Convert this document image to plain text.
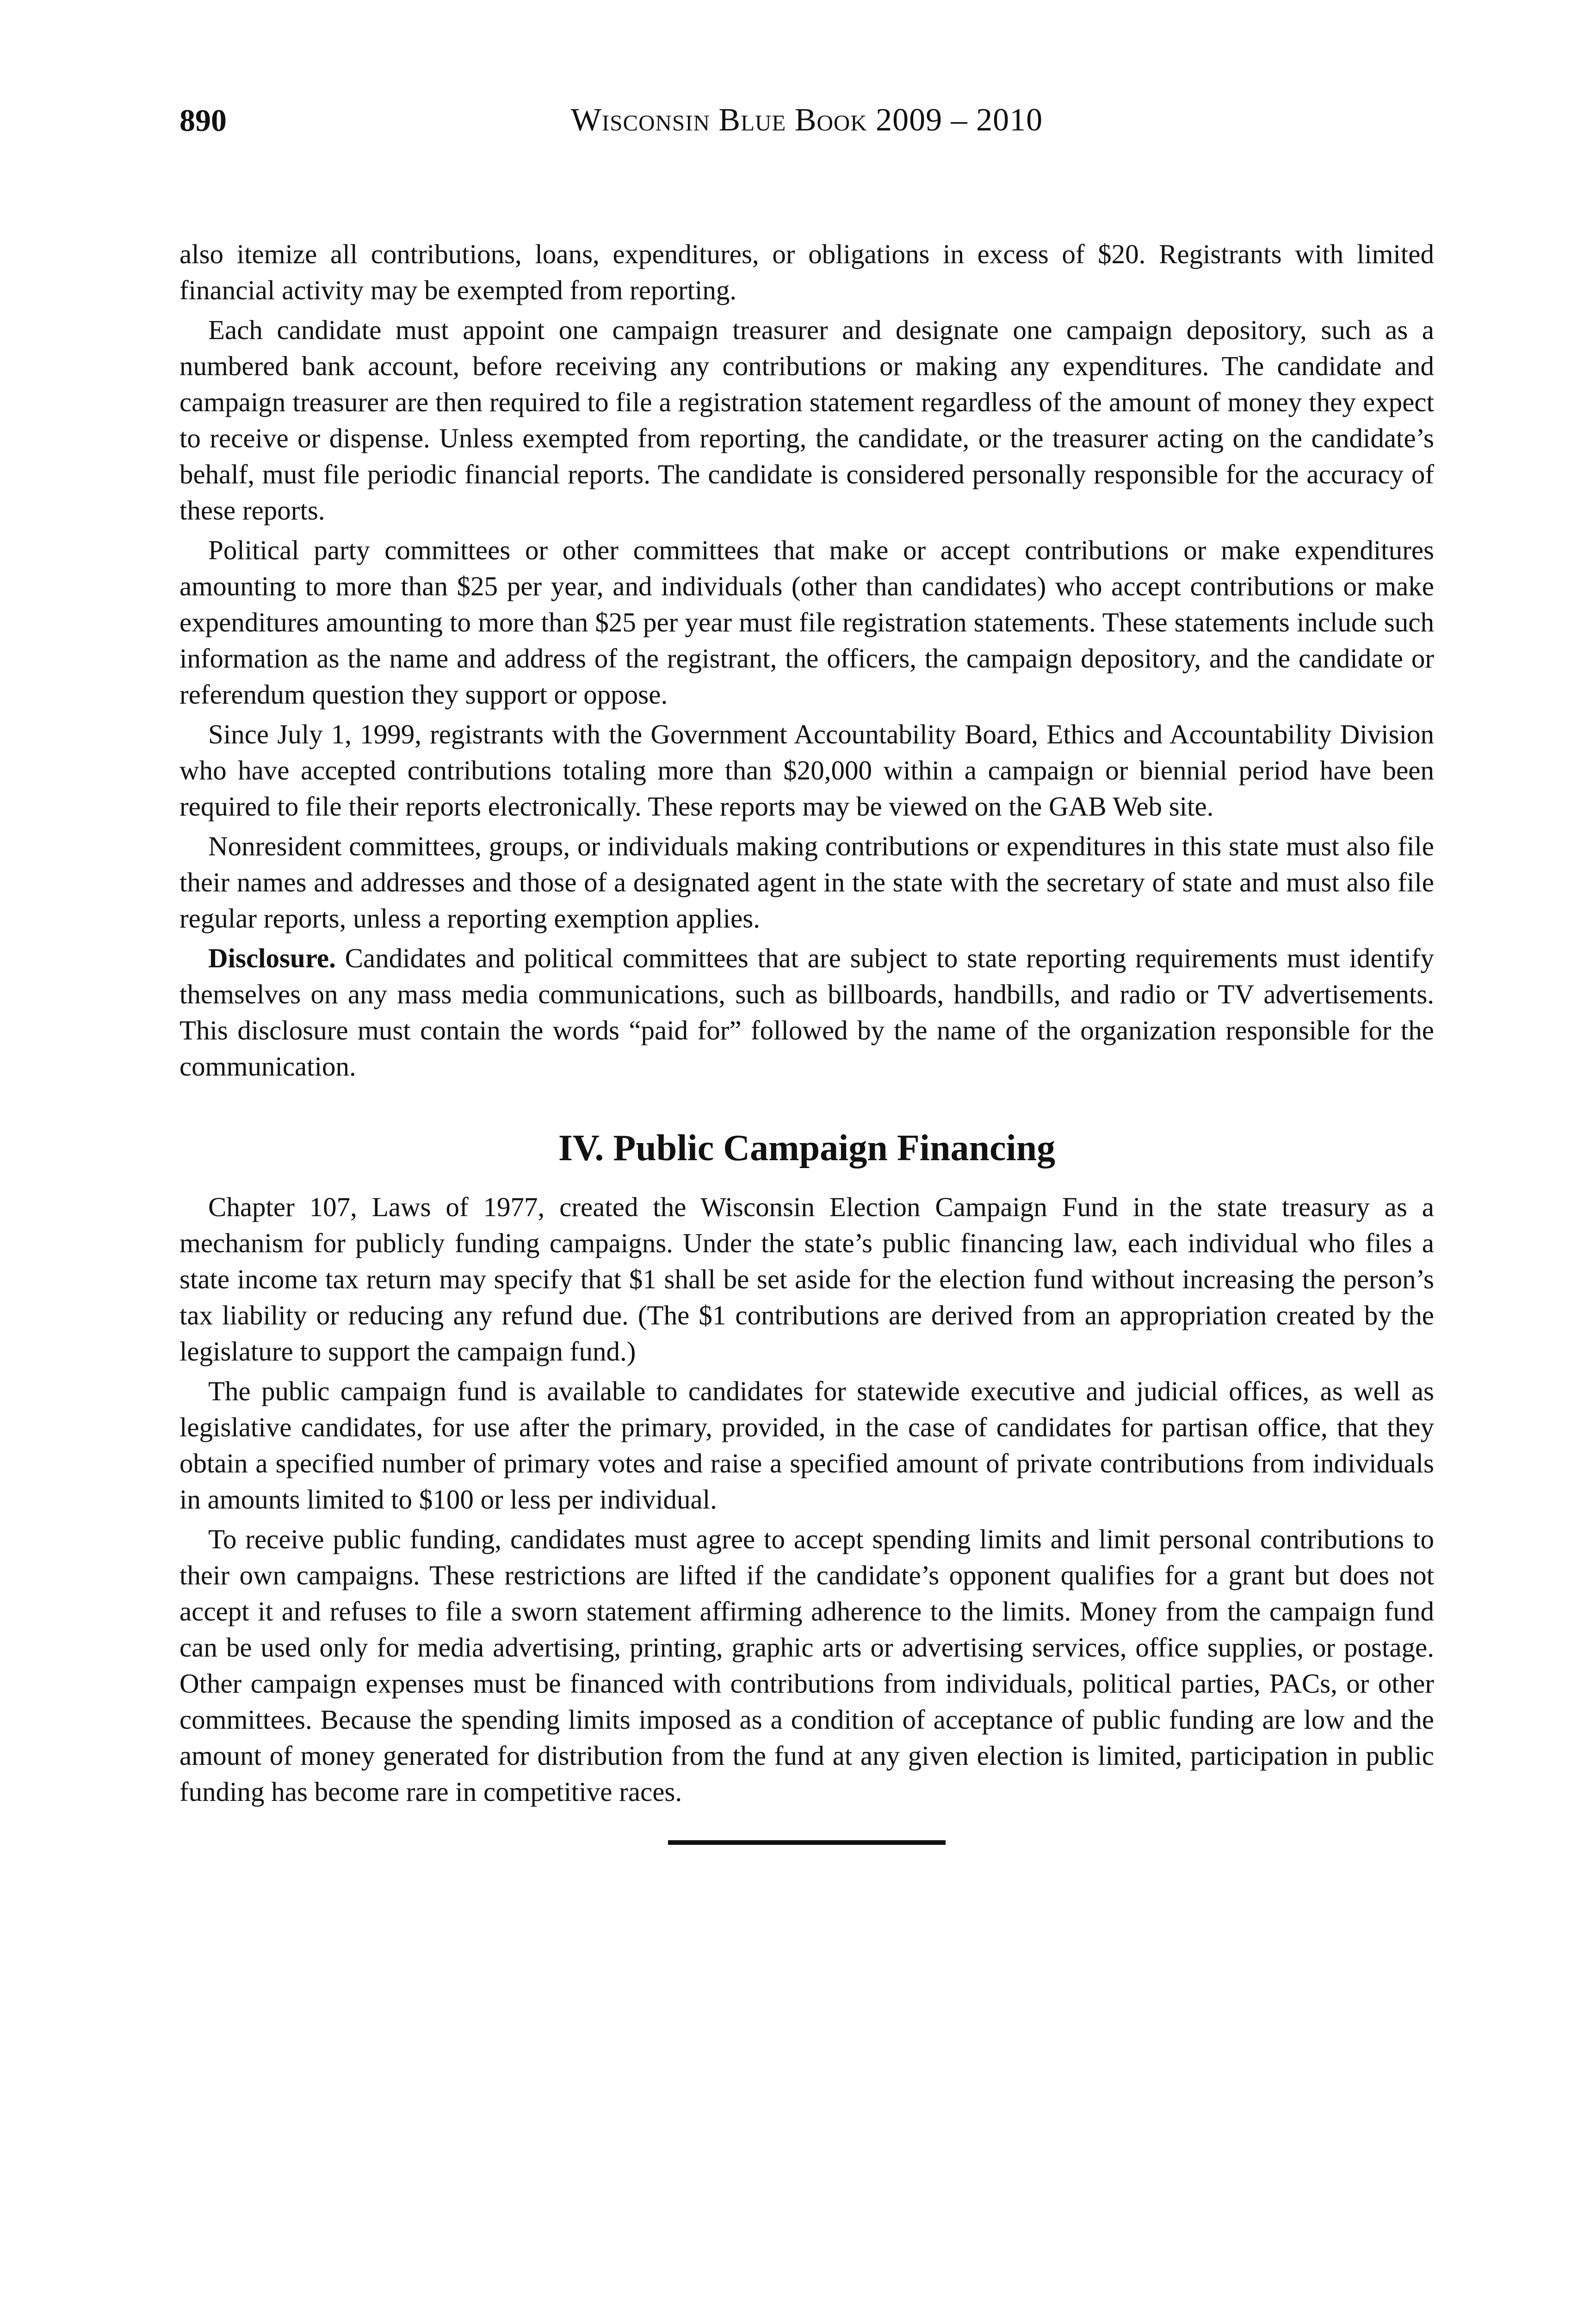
890	Wisconsin Blue Book 2009 – 2010

also itemize all contributions, loans, expenditures, or obligations in excess of $20. Registrants with limited financial activity may be exempted from reporting.

Each candidate must appoint one campaign treasurer and designate one campaign depository, such as a numbered bank account, before receiving any contributions or making any expenditures. The candidate and campaign treasurer are then required to file a registration statement regardless of the amount of money they expect to receive or dispense. Unless exempted from reporting, the candidate, or the treasurer acting on the candidate’s behalf, must file periodic financial reports. The candidate is considered personally responsible for the accuracy of these reports.

Political party committees or other committees that make or accept contributions or make expenditures amounting to more than $25 per year, and individuals (other than candidates) who accept contributions or make expenditures amounting to more than $25 per year must file registration statements. These statements include such information as the name and address of the registrant, the officers, the campaign depository, and the candidate or referendum question they support or oppose.

Since July 1, 1999, registrants with the Government Accountability Board, Ethics and Accountability Division who have accepted contributions totaling more than $20,000 within a campaign or biennial period have been required to file their reports electronically. These reports may be viewed on the GAB Web site.

Nonresident committees, groups, or individuals making contributions or expenditures in this state must also file their names and addresses and those of a designated agent in the state with the secretary of state and must also file regular reports, unless a reporting exemption applies.

Disclosure. Candidates and political committees that are subject to state reporting requirements must identify themselves on any mass media communications, such as billboards, handbills, and radio or TV advertisements. This disclosure must contain the words “paid for” followed by the name of the organization responsible for the communication.

IV. Public Campaign Financing

Chapter 107, Laws of 1977, created the Wisconsin Election Campaign Fund in the state treasury as a mechanism for publicly funding campaigns. Under the state’s public financing law, each individual who files a state income tax return may specify that $1 shall be set aside for the election fund without increasing the person’s tax liability or reducing any refund due. (The $1 contributions are derived from an appropriation created by the legislature to support the campaign fund.)

The public campaign fund is available to candidates for statewide executive and judicial offices, as well as legislative candidates, for use after the primary, provided, in the case of candidates for partisan office, that they obtain a specified number of primary votes and raise a specified amount of private contributions from individuals in amounts limited to $100 or less per individual.

To receive public funding, candidates must agree to accept spending limits and limit personal contributions to their own campaigns. These restrictions are lifted if the candidate’s opponent qualifies for a grant but does not accept it and refuses to file a sworn statement affirming adherence to the limits. Money from the campaign fund can be used only for media advertising, printing, graphic arts or advertising services, office supplies, or postage. Other campaign expenses must be financed with contributions from individuals, political parties, PACs, or other committees. Because the spending limits imposed as a condition of acceptance of public funding are low and the amount of money generated for distribution from the fund at any given election is limited, participation in public funding has become rare in competitive races.
